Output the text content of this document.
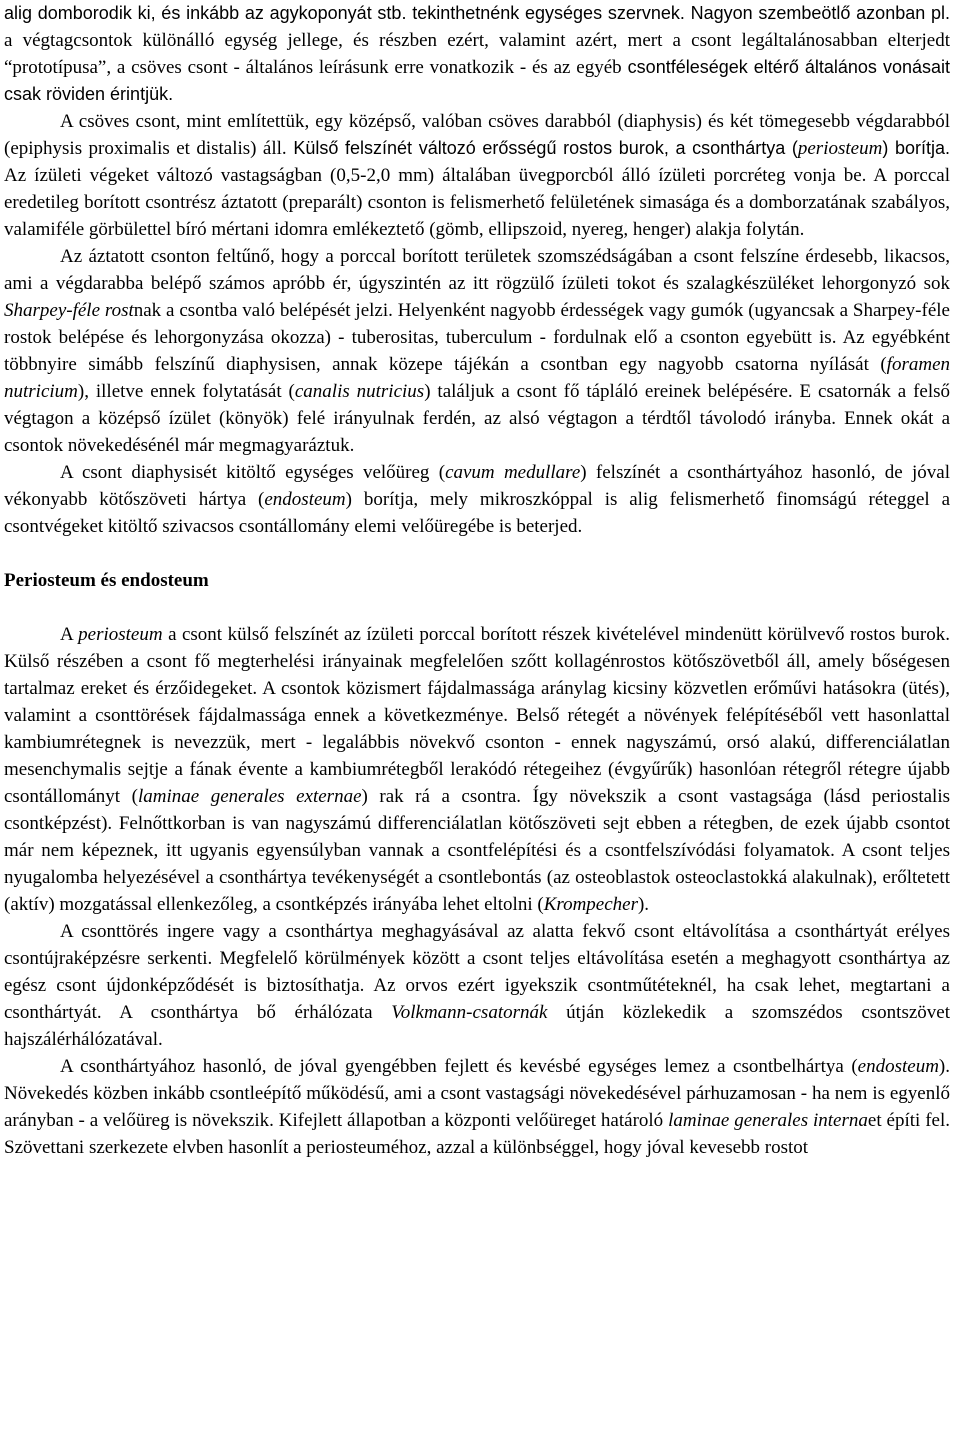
alig domborodik ki, és inkább az agykoponyát stb. tekinthetnénk egységes szervnek. Nagyon szembeötlő azonban pl. a végtagcsontok különálló egység jellege, és részben ezért, valamint azért, mert a csont legáltalánosabban elterjedt “prototípusa”, a csöves csont - általános leírásunk erre vonatkozik - és az egyéb csontféleségek eltérő általános vonásait csak röviden érintjük.

A csöves csont, mint említettük, egy középső, valóban csöves darabból (diaphysis) és két tömegesebb végdarabból (epiphysis proximalis et distalis) áll. Külső felszínét változó erősségű rostos burok, a csonthártya (periosteum) borítja. Az ízületi végeket változó vastagságban (0,5-2,0 mm) általában üvegporcból álló ízületi porcréteg vonja be. A porccal eredetileg borított csontrész áztatott (preparált) csonton is felismerhető felületének simasága és a domborzatának szabályos, valamiféle görbülettel bíró mértani idomra emlékeztető (gömb, ellipszoid, nyereg, henger) alakja folytán.

Az áztatott csonton feltűnő, hogy a porccal borított területek szomszédságában a csont felszíne érdesebb, likacsos, ami a végdarabba belépő számos apróbb ér, úgyszintén az itt rögzülő ízületi tokot és szalagkészüléket lehorgonyzó sok Sharpey-féle rostnak a csontba való belépését jelzi. Helyenként nagyobb érdességek vagy gumók (ugyancsak a Sharpey-féle rostok belépése és lehorgonyzása okozza) - tuberositas, tuberculum - fordulnak elő a csonton egyebütt is. Az egyébként többnyire simább felszínű diaphysisen, annak közepe tájékán a csontban egy nagyobb csatorna nyílását (foramen nutricium), illetve ennek folytatását (canalis nutricius) találjuk a csont fő tápláló ereinek belépésére. E csatornák a felső végtagon a középső ízület (könyök) felé irányulnak ferdén, az alsó végtagon a térdtől távolodó irányba. Ennek okát a csontok növekedésénél már megmagyaráztuk.

A csont diaphysisét kitöltő egységes velőüreg (cavum medullare) felszínét a csonthártyához hasonló, de jóval vékonyabb kötőszöveti hártya (endosteum) borítja, mely mikroszkóppal is alig felismerhető finomságú réteggel a csontvégeket kitöltő szivacsos csontállomány elemi velőüregébe is beterjed.

Periosteum és endosteum

A periosteum a csont külső felszínét az ízületi porccal borított részek kivételével mindenütt körülvevő rostos burok. Külső részében a csont fő megterhelési irányainak megfelelően szőtt kollagénrostos kötőszövetből áll, amely bőségesen tartalmaz ereket és érzőidegeket. A csontok közismert fájdalmassága aránylag kicsiny közvetlen erőművi hatásokra (ütés), valamint a csonttörések fájdalmassága ennek a következménye. Belső rétegét a növények felépítéséből vett hasonlattal kambiumrétegnek is nevezzük, mert - legalábbis növekvő csonton - ennek nagyszámú, orsó alakú, differenciálatlan mesenchymalis sejtje a fának évente a kambiumrétegből lerakódó rétegeihez (évgyűrűk) hasonlóan rétegről rétegre újabb csontállományt (laminae generales externae) rak rá a csontra. Így növekszik a csont vastagsága (lásd periostalis csontképzést). Felnőttkorban is van nagyszámú differenciálatlan kötőszöveti sejt ebben a rétegben, de ezek újabb csontot már nem képeznek, itt ugyanis egyensúlyban vannak a csontfelépítési és a csontfelszívódási folyamatok. A csont teljes nyugalomba helyezésével a csonthártya tevékenységét a csontlebontás (az osteoblastok osteoclastokká alakulnak), erőltetett (aktív) mozgatással ellenkezőleg, a csontképzés irányába lehet eltolni (Krompecher).

A csonttörés ingere vagy a csonthártya meghagyásával az alatta fekvő csont eltávolítása a csonthártyát erélyes csontújraképzésre serkenti. Megfelelő körülmények között a csont teljes eltávolítása esetén a meghagyott csonthártya az egész csont újdonképződését is biztosíthatja. Az orvos ezért igyekszik csontműtéteknél, ha csak lehet, megtartani a csonthártyát. A csonthártya bő érhálózata Volkmann-csatornák útján közlekedik a szomszédos csontszövet hajszálérhálózatával.

A csonthártyához hasonló, de jóval gyengébben fejlett és kevésbé egységes lemez a csontbelhártya (endosteum). Növekedés közben inkább csontleépítő működésű, ami a csont vastagsági növekedésével párhuzamosan - ha nem is egyenlő arányban - a velőüreg is növekszik. Kifejlett állapotban a központi velőüreget határoló laminae generales internaet építi fel. Szövettani szerkezete elvben hasonlít a periosteuméhoz, azzal a különbséggel, hogy jóval kevesebb rostot
